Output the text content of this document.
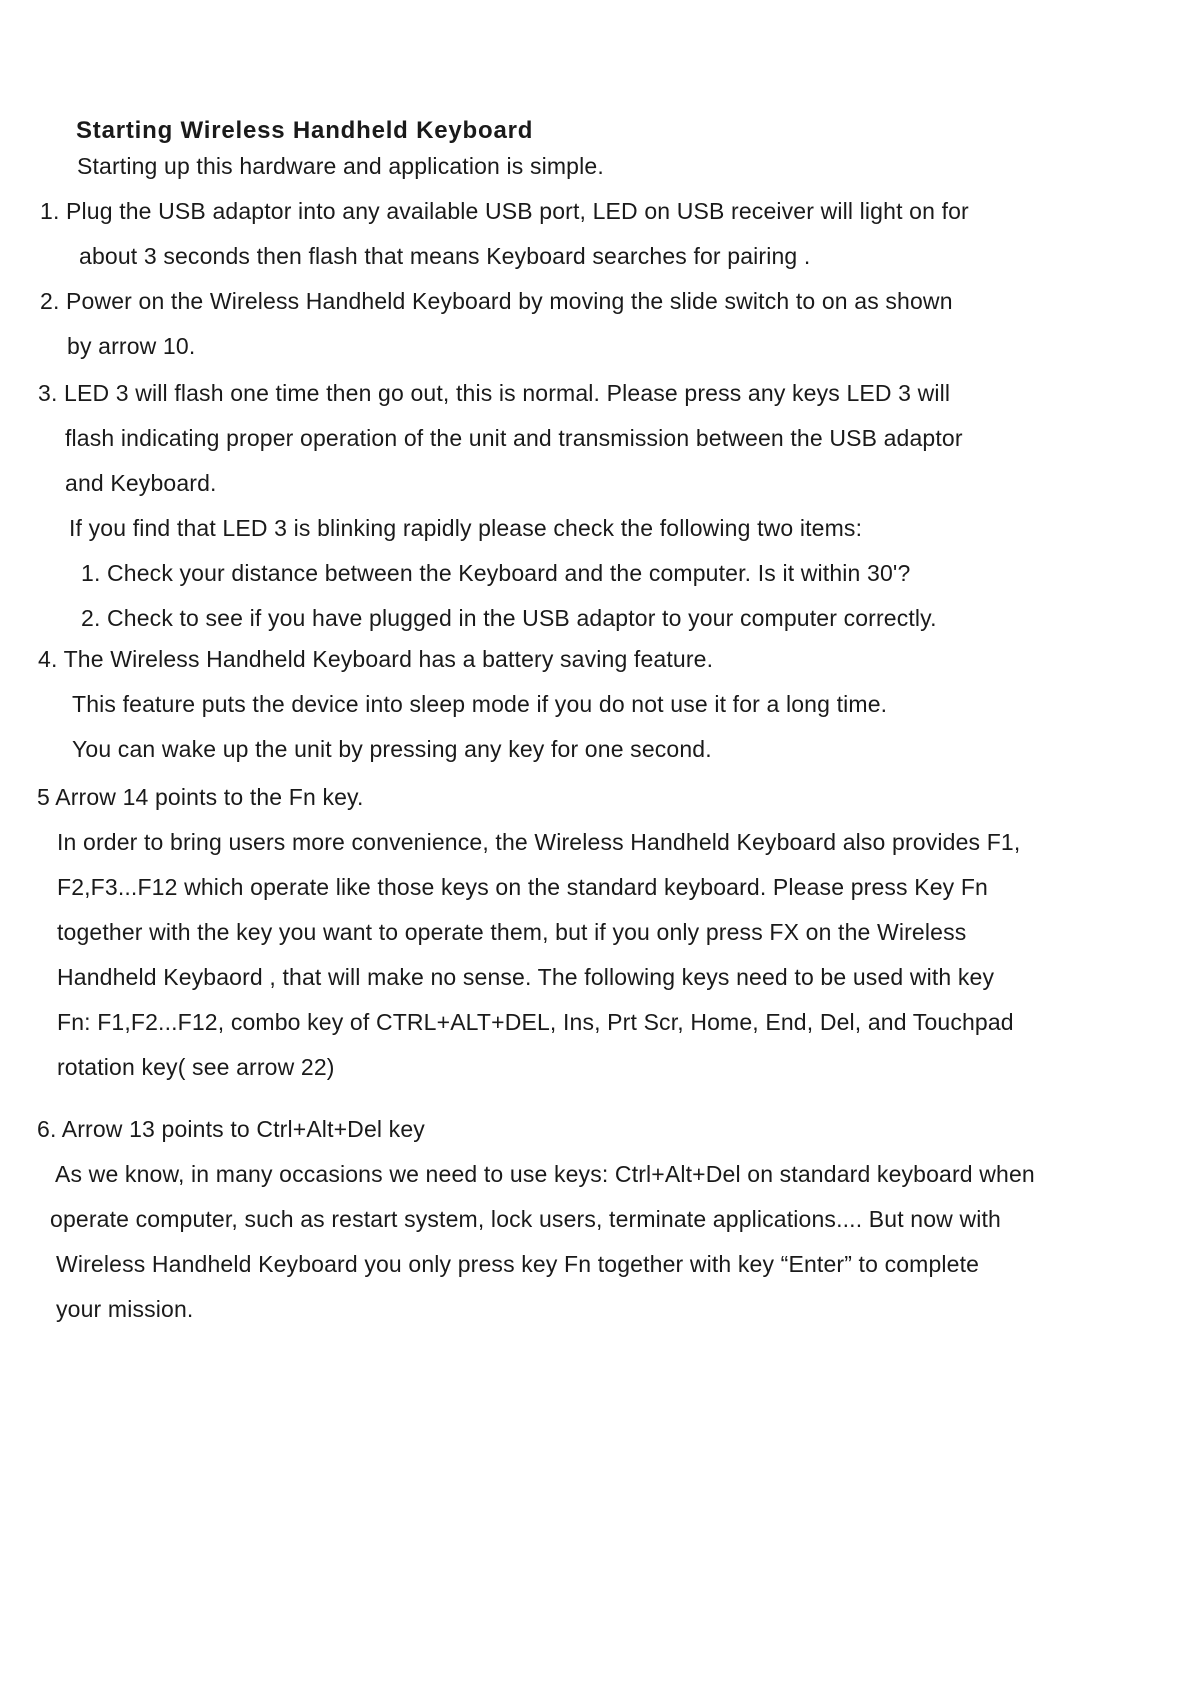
Starting Wireless Handheld Keyboard
Starting up this hardware and application is simple.
1. Plug the USB adaptor into any available USB port, LED on USB receiver will light on for
about 3 seconds then flash that means Keyboard searches for pairing .
2. Power on the Wireless Handheld Keyboard by moving the slide switch to on as shown
by arrow 10.
3. LED 3 will flash one time then go out, this is normal. Please press any keys LED 3 will
flash indicating proper operation of the unit and transmission between the USB adaptor
and Keyboard.
If you find that LED 3 is blinking rapidly please check the following two items:
1. Check your distance between the Keyboard and the computer. Is it within 30'?
2. Check to see if you have plugged in the USB adaptor to your computer correctly.
4. The Wireless Handheld Keyboard has a battery saving feature.
This feature puts the device into sleep mode if you do not use it for a long time.
You can wake up the unit by pressing any key for one second.
5 Arrow 14 points to the Fn key.
In order to bring users more convenience, the Wireless Handheld Keyboard also provides F1,
F2,F3...F12 which operate like those keys on the standard keyboard. Please press Key Fn
together with the key you want to operate them, but if you only press FX on the Wireless
Handheld Keybaord , that will make no sense. The following keys need to be used with key
Fn: F1,F2...F12, combo key of CTRL+ALT+DEL, Ins, Prt Scr, Home, End, Del, and Touchpad
rotation key( see arrow 22)
6. Arrow 13 points to Ctrl+Alt+Del key
As we know, in many occasions we need to use keys: Ctrl+Alt+Del on standard keyboard when
operate computer, such as restart system, lock users, terminate applications.... But now with
Wireless Handheld Keyboard you only press key Fn together with key “Enter” to complete
your mission.
